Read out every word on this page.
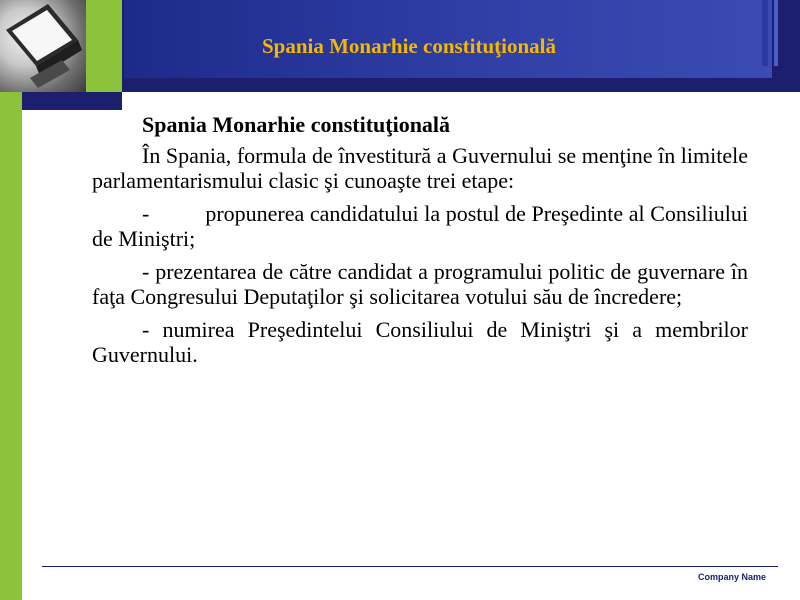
Spania Monarhie constituţională

Spania Monarhie constituţională

În Spania, formula de învestitură a Guvernului se menţine în limitele parlamentarismului clasic şi cunoaşte trei etape:

-          propunerea candidatului la postul de Preşedinte al Consiliului de Miniştri;

- prezentarea de către candidat a programului politic de guvernare în faţa Congresului Deputaţilor şi solicitarea votului său de încredere;

- numirea Preşedintelui Consiliului de Miniştri şi a membrilor Guvernului.

Company Name
